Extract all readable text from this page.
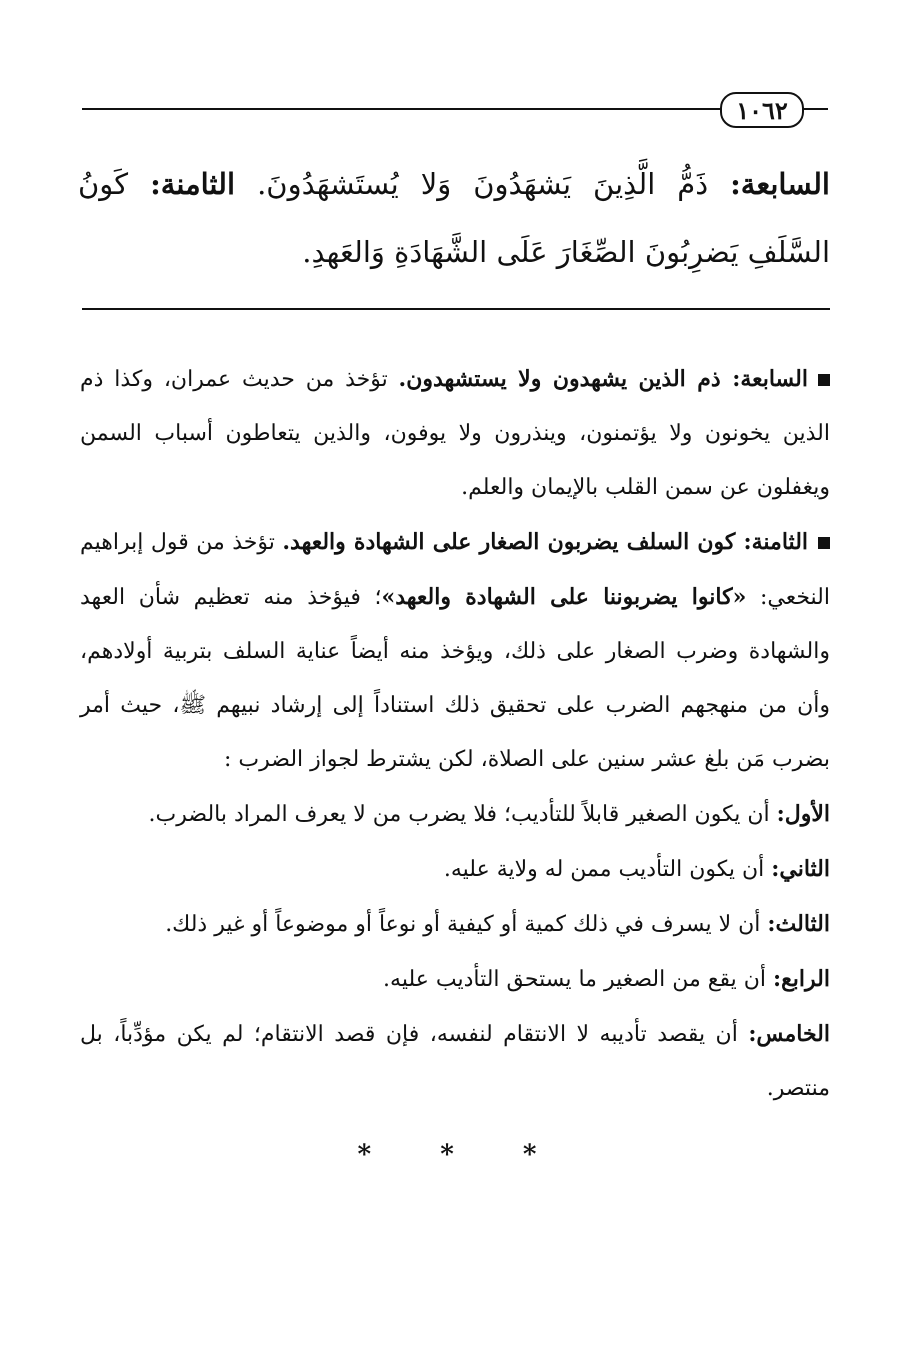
١٠٦٢
السابعة: ذَمُّ الَّذِينَ يَشهَدُونَ وَلا يُستَشهَدُونَ. الثامنة: كَونُ السَّلَفِ يَضرِبُونَ الصِّغَارَ عَلَى الشَّهَادَةِ وَالعَهدِ.

السابعة: ذم الذين يشهدون ولا يستشهدون. تؤخذ من حديث عمران، وكذا ذم الذين يخونون ولا يؤتمنون، وينذرون ولا يوفون، والذين يتعاطون أسباب السمن ويغفلون عن سمن القلب بالإيمان والعلم.

الثامنة: كون السلف يضربون الصغار على الشهادة والعهد. تؤخذ من قول إبراهيم النخعي: «كانوا يضربوننا على الشهادة والعهد»؛ فيؤخذ منه تعظيم شأن العهد والشهادة وضرب الصغار على ذلك، ويؤخذ منه أيضاً عناية السلف بتربية أولادهم، وأن من منهجهم الضرب على تحقيق ذلك استناداً إلى إرشاد نبيهم ﷺ، حيث أمر بضرب مَن بلغ عشر سنين على الصلاة، لكن يشترط لجواز الضرب :

الأول: أن يكون الصغير قابلاً للتأديب؛ فلا يضرب من لا يعرف المراد بالضرب.

الثاني: أن يكون التأديب ممن له ولاية عليه.

الثالث: أن لا يسرف في ذلك كمية أو كيفية أو نوعاً أو موضوعاً أو غير ذلك.

الرابع: أن يقع من الصغير ما يستحق التأديب عليه.

الخامس: أن يقصد تأديبه لا الانتقام لنفسه، فإن قصد الانتقام؛ لم يكن مؤدِّباً، بل منتصر.

* * *
